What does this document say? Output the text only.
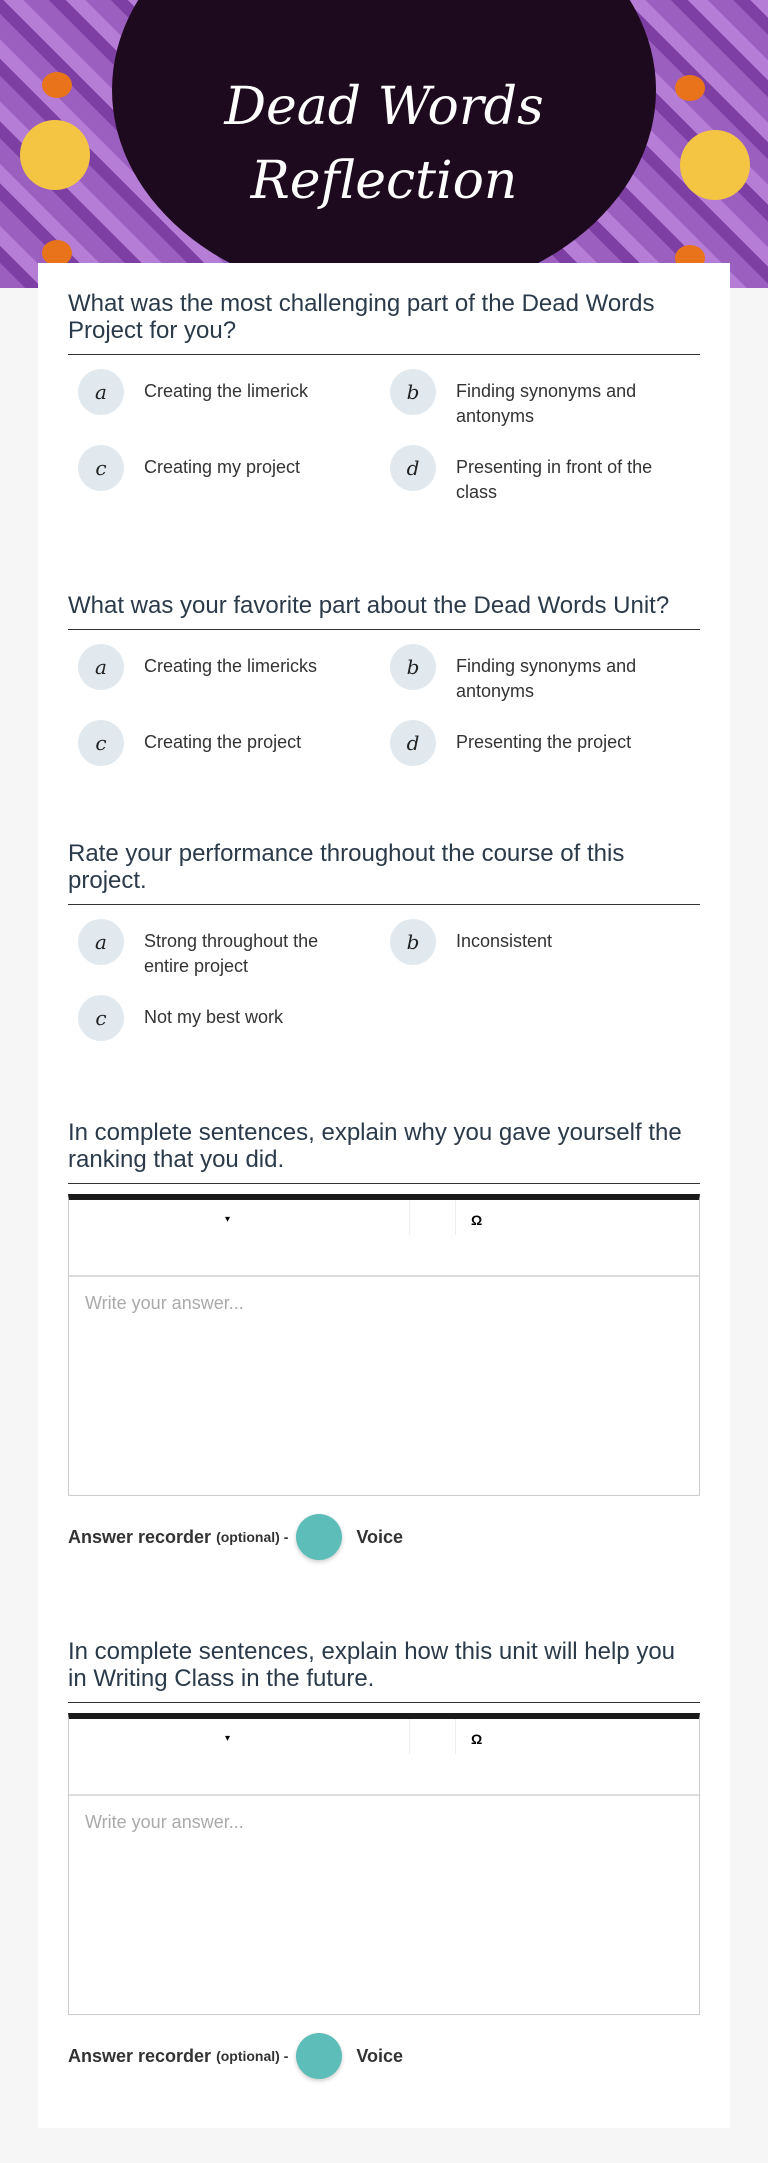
Dead Words
Reflection
What was the most challenging part of the Dead Words Project for you?
a	Creating the limerick	b	Finding synonyms and antonyms
c	Creating my project	d	Presenting in front of the class
What was your favorite part about the Dead Words Unit?
a	Creating the limericks	b	Finding synonyms and antonyms
c	Creating the project	d	Presenting the project
Rate your performance throughout the course of this project.
a	Strong throughout the entire project
b	Inconsistent
c	Not my best work
In complete sentences, explain why you gave yourself the ranking that you did.
▾	Ω
Write your answer...
Answer recorder (optional) -	Voice
In complete sentences, explain how this unit will help you in Writing Class in the future.
▾	Ω
Write your answer...
Answer recorder (optional) -	Voice
